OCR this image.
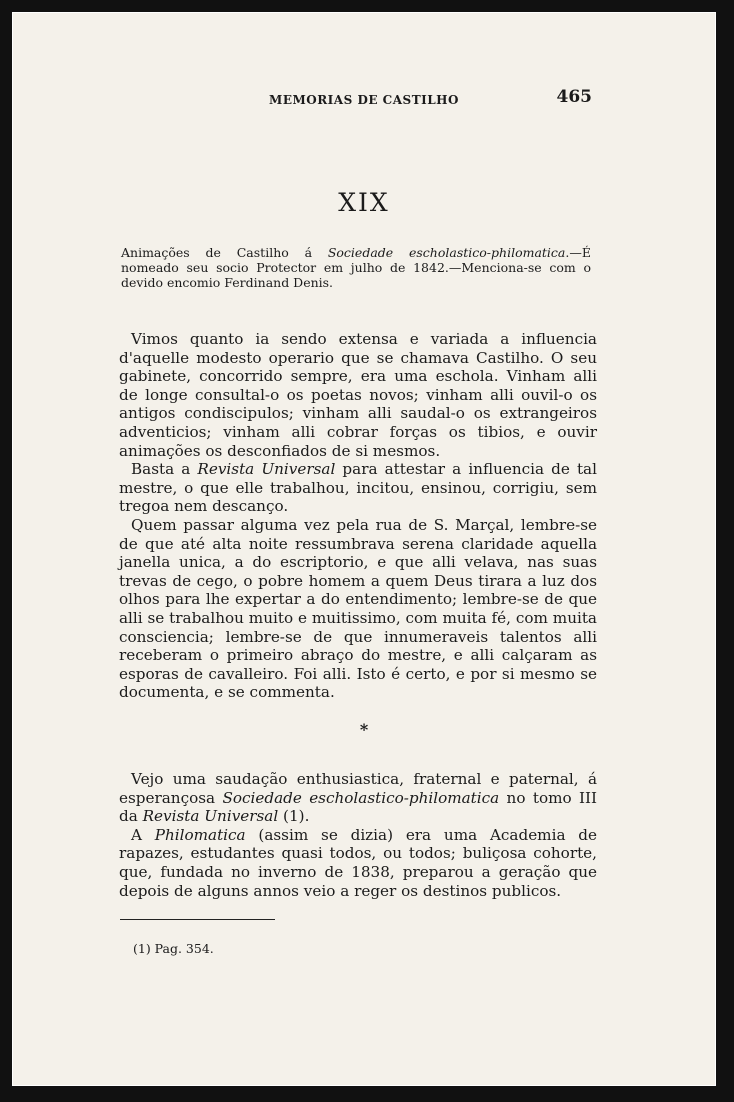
MEMORIAS DE CASTILHO	465
XIX
Animações de Castilho á Sociedade escholastico-philomatica.—É nomeado seu socio Protector em julho de 1842.—Menciona-se com o devido encomio Ferdinand Denis.

Vimos quanto ia sendo extensa e variada a influencia d'aquelle modesto operario que se chamava Castilho. O seu gabinete, concorrido sempre, era uma eschola. Vinham alli de longe consultal-o os poetas novos; vinham alli ouvil-o os antigos condiscipulos; vinham alli saudal-o os extrangeiros adventicios; vinham alli cobrar forças os tibios, e ouvir animações os desconfiados de si mesmos.

Basta a Revista Universal para attestar a influencia de tal mestre, o que elle trabalhou, incitou, ensinou, corrigiu, sem tregoa nem descanço.

Quem passar alguma vez pela rua de S. Marçal, lembre-se de que até alta noite ressumbrava serena claridade aquella janella unica, a do escriptorio, e que alli velava, nas suas trevas de cego, o pobre homem a quem Deus tirara a luz dos olhos para lhe expertar a do entendimento; lembre-se de que alli se trabalhou muito e muitissimo, com muita fé, com muita consciencia; lembre-se de que innumeraveis talentos alli receberam o primeiro abraço do mestre, e alli calçaram as esporas de cavalleiro. Foi alli. Isto é certo, e por si mesmo se documenta, e se commenta.

*

Vejo uma saudação enthusiastica, fraternal e paternal, á esperançosa Sociedade escholastico-philomatica no tomo III da Revista Universal (1).

A Philomatica (assim se dizia) era uma Academia de rapazes, estudantes quasi todos, ou todos; buliçosa cohorte, que, fundada no inverno de 1838, preparou a geração que depois de alguns annos veio a reger os destinos publicos.

(1) Pag. 354.
